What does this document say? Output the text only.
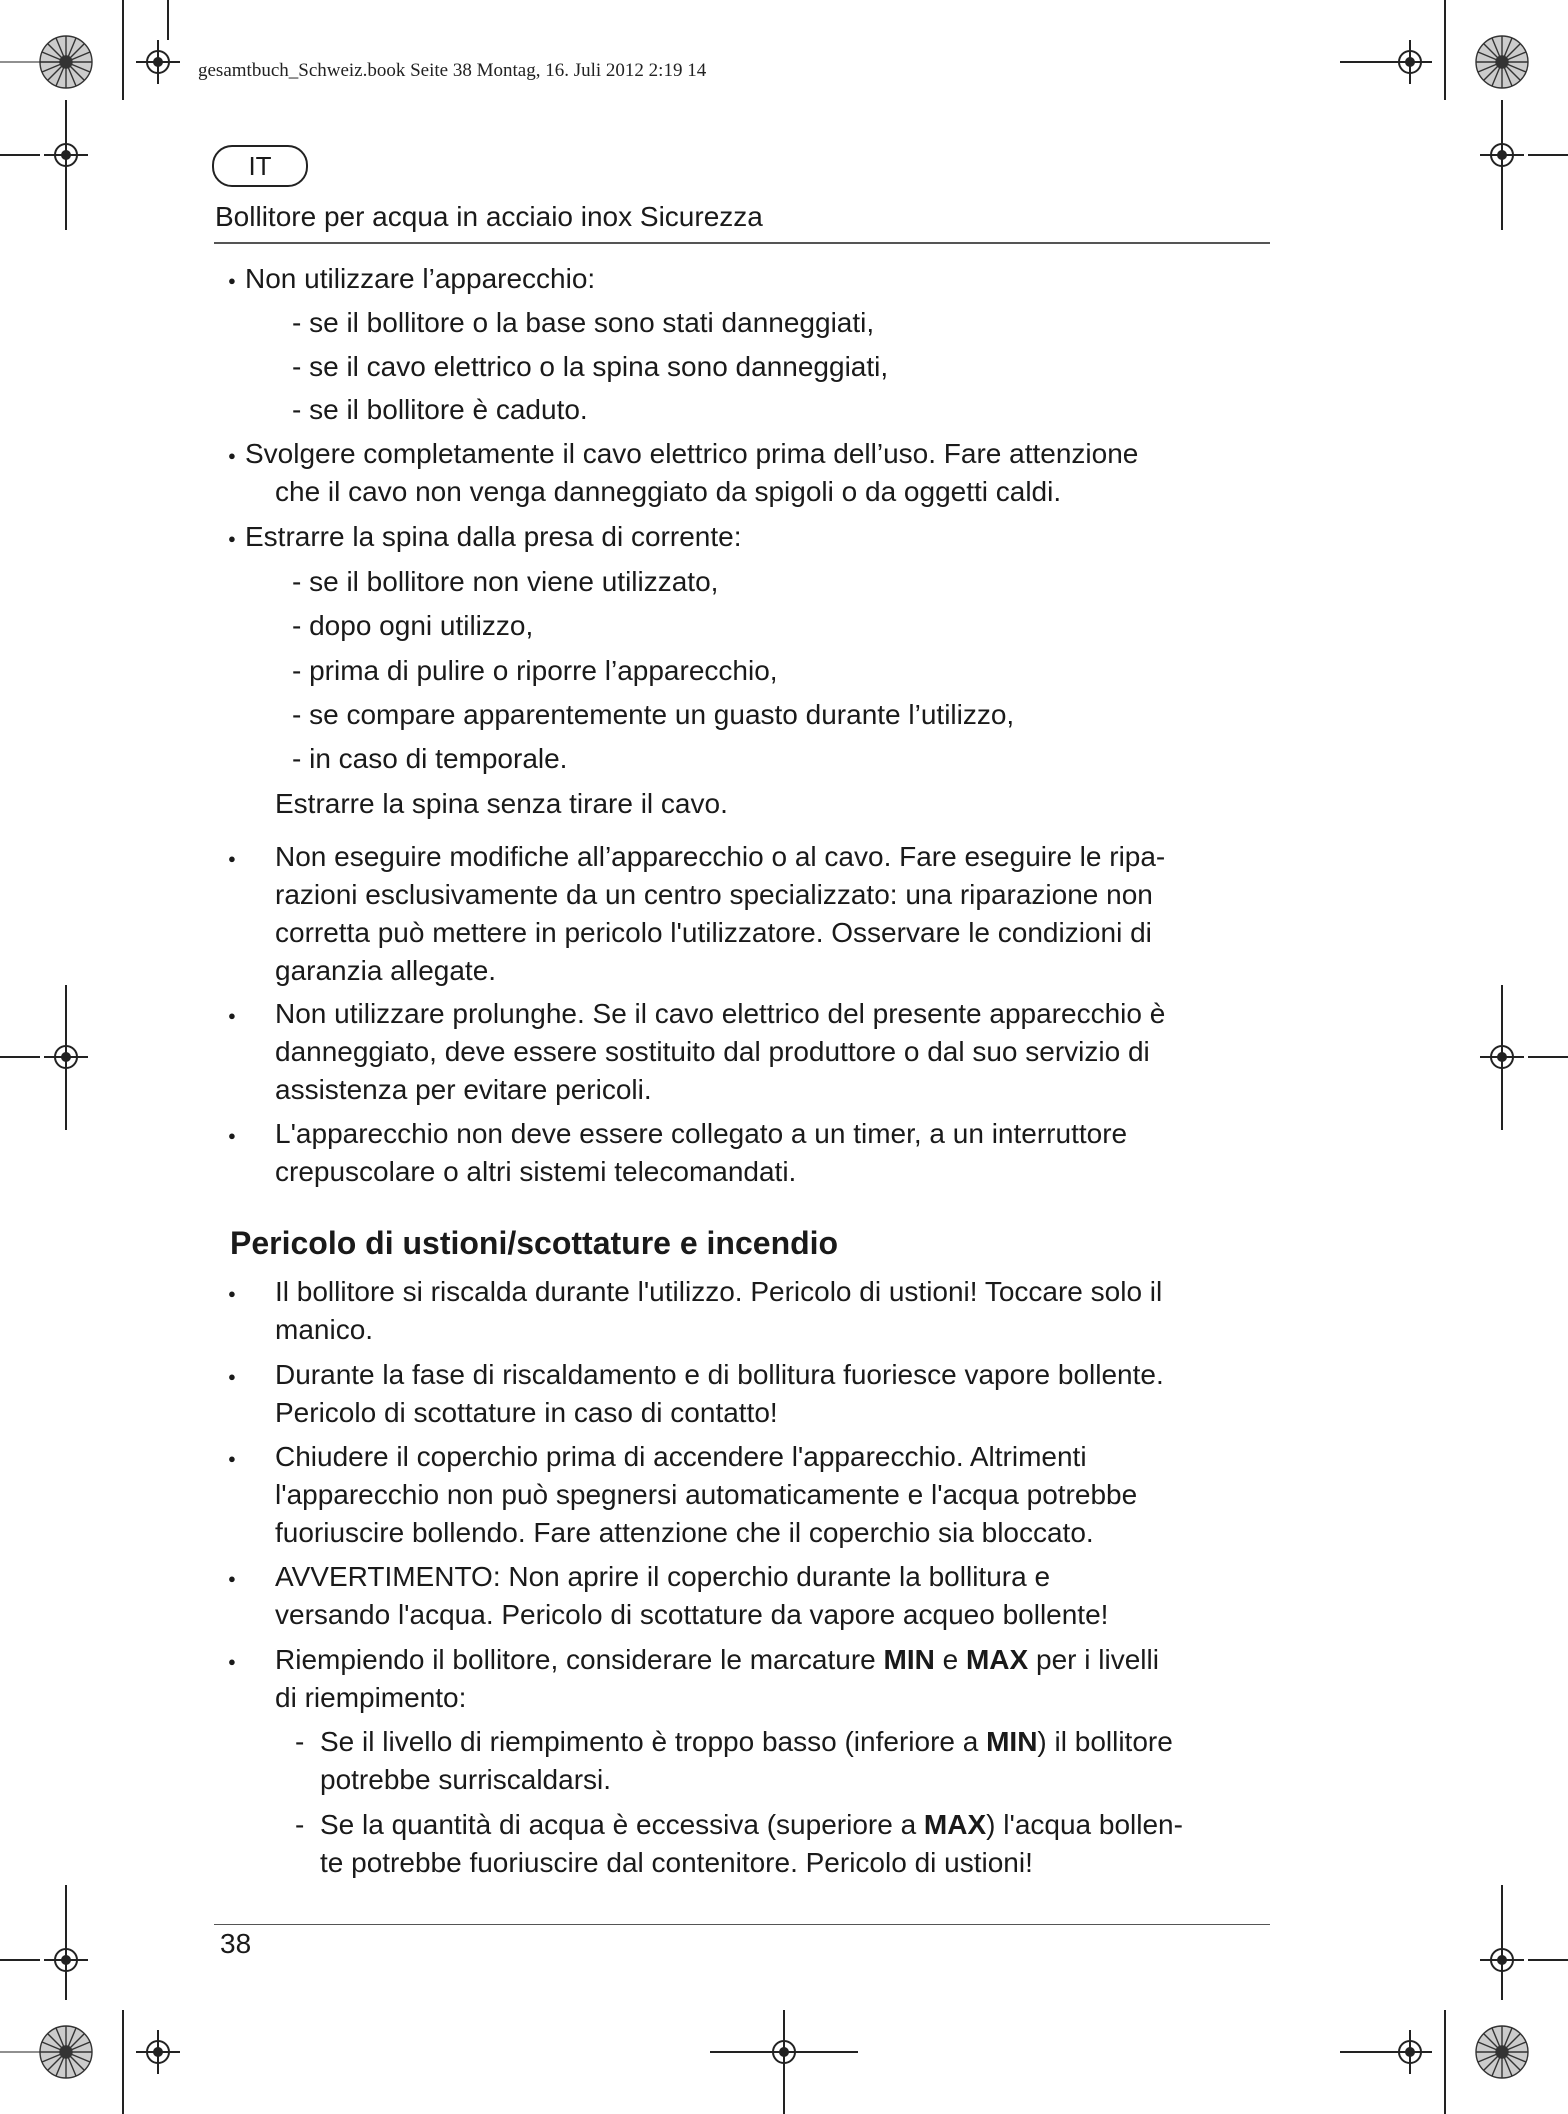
gesamtbuch_Schweiz.book Seite 38 Montag, 16. Juli 2012 2:19 14
IT
Bollitore per acqua in acciaio inox Sicurezza
●
Non utilizzare l’apparecchio:
- se il bollitore o la base sono stati danneggiati,
- se il cavo elettrico o la spina sono danneggiati,
- se il bollitore è caduto.
●
Svolgere completamente il cavo elettrico prima dell’uso. Fare attenzione
che il cavo non venga danneggiato da spigoli o da oggetti caldi.
●
Estrarre la spina dalla presa di corrente:
- se il bollitore non viene utilizzato,
- dopo ogni utilizzo,
- prima di pulire o riporre l’apparecchio,
- se compare apparentemente un guasto durante l’utilizzo,
- in caso di temporale.
Estrarre la spina senza tirare il cavo.
●
Non eseguire modifiche all’apparecchio o al cavo. Fare eseguire le ripa-
razioni esclusivamente da un centro specializzato: una riparazione non
corretta può mettere in pericolo l'utilizzatore. Osservare le condizioni di
garanzia allegate.
●
Non utilizzare prolunghe. Se il cavo elettrico del presente apparecchio è
danneggiato, deve essere sostituito dal produttore o dal suo servizio di
assistenza per evitare pericoli.
●
L'apparecchio non deve essere collegato a un timer, a un interruttore
crepuscolare o altri sistemi telecomandati.
Pericolo di ustioni/scottature e incendio
●
Il bollitore si riscalda durante l'utilizzo. Pericolo di ustioni! Toccare solo il
manico.
●
Durante la fase di riscaldamento e di bollitura fuoriesce vapore bollente.
Pericolo di scottature in caso di contatto!
●
Chiudere il coperchio prima di accendere l'apparecchio. Altrimenti
l'apparecchio non può spegnersi automaticamente e l'acqua potrebbe
fuoriuscire bollendo. Fare attenzione che il coperchio sia bloccato.
●
AVVERTIMENTO: Non aprire il coperchio durante la bollitura e
versando l'acqua. Pericolo di scottature da vapore acqueo bollente!
●
Riempiendo il bollitore, considerare le marcature MIN e MAX per i livelli
di riempimento:
- Se il livello di riempimento è troppo basso (inferiore a MIN) il bollitore
potrebbe surriscaldarsi.
- Se la quantità di acqua è eccessiva (superiore a MAX) l'acqua bollen-
te potrebbe fuoriuscire dal contenitore. Pericolo di ustioni!
38
